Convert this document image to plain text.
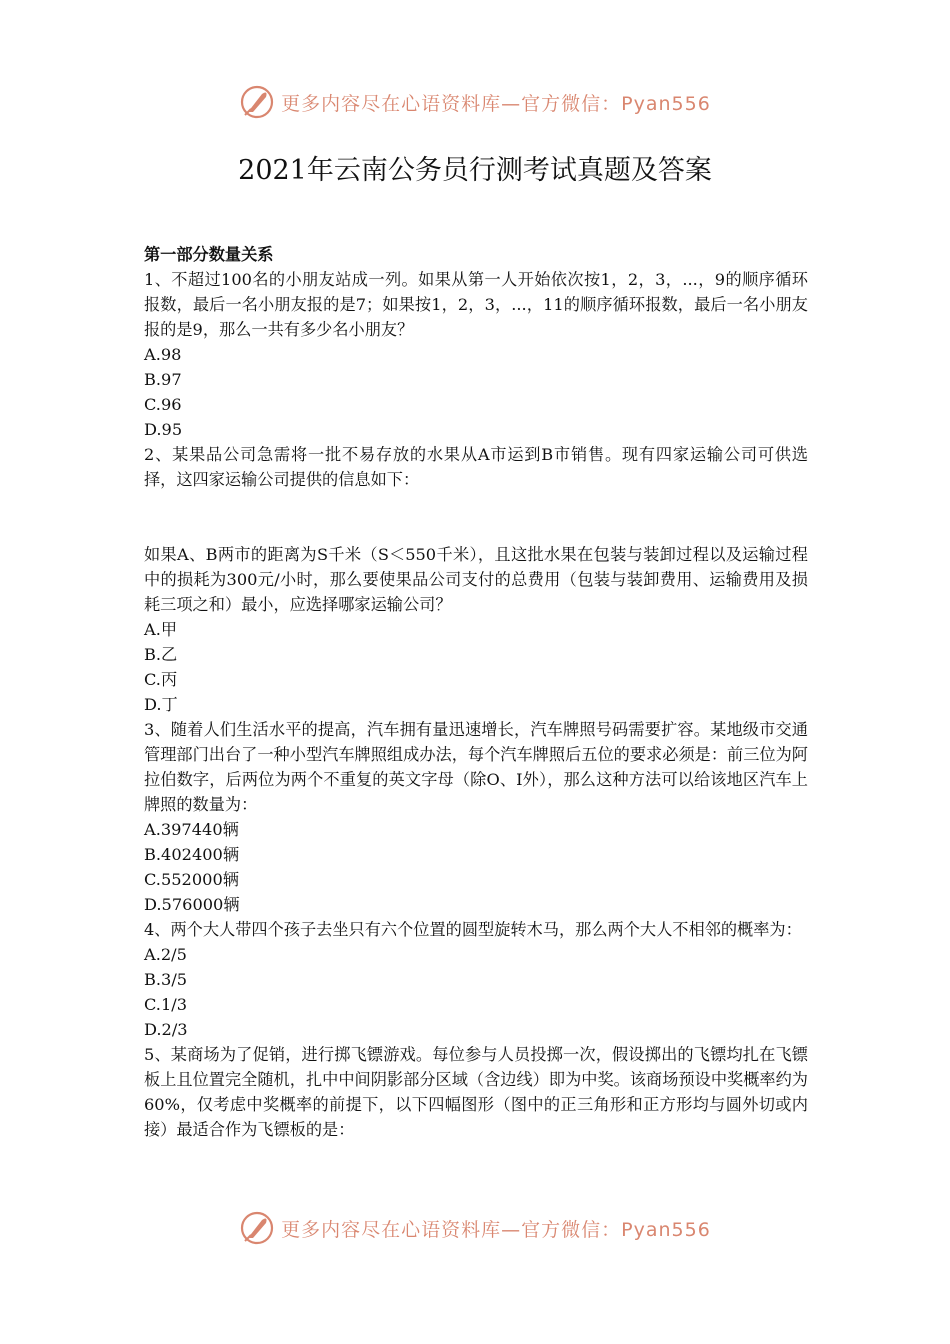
更多内容尽在心语资料库—官方微信：Pyan556
2021年云南公务员行测考试真题及答案

第一部分数量关系

1、不超过100名的小朋友站成一列。如果从第一人开始依次按1，2，3，...，9的顺序循环报数，最后一名小朋友报的是7；如果按1，2，3，...，11的顺序循环报数，最后一名小朋友报的是9，那么一共有多少名小朋友？

A.98

B.97

C.96

D.95

2、某果品公司急需将一批不易存放的水果从A市运到B市销售。现有四家运输公司可供选择，这四家运输公司提供的信息如下：

如果A、B两市的距离为S千米（S＜550千米），且这批水果在包装与装卸过程以及运输过程中的损耗为300元/小时，那么要使果品公司支付的总费用（包装与装卸费用、运输费用及损耗三项之和）最小，应选择哪家运输公司？

A.甲

B.乙

C.丙

D.丁

3、随着人们生活水平的提高，汽车拥有量迅速增长，汽车牌照号码需要扩容。某地级市交通管理部门出台了一种小型汽车牌照组成办法，每个汽车牌照后五位的要求必须是：前三位为阿拉伯数字，后两位为两个不重复的英文字母（除O、I外），那么这种方法可以给该地区汽车上牌照的数量为：

A.397440辆

B.402400辆

C.552000辆

D.576000辆

4、两个大人带四个孩子去坐只有六个位置的圆型旋转木马，那么两个大人不相邻的概率为：

A.2/5

B.3/5

C.1/3

D.2/3

5、某商场为了促销，进行掷飞镖游戏。每位参与人员投掷一次，假设掷出的飞镖均扎在飞镖板上且位置完全随机，扎中中间阴影部分区域（含边线）即为中奖。该商场预设中奖概率约为60%，仅考虑中奖概率的前提下，以下四幅图形（图中的正三角形和正方形均与圆外切或内接）最适合作为飞镖板的是：

更多内容尽在心语资料库—官方微信：Pyan556
